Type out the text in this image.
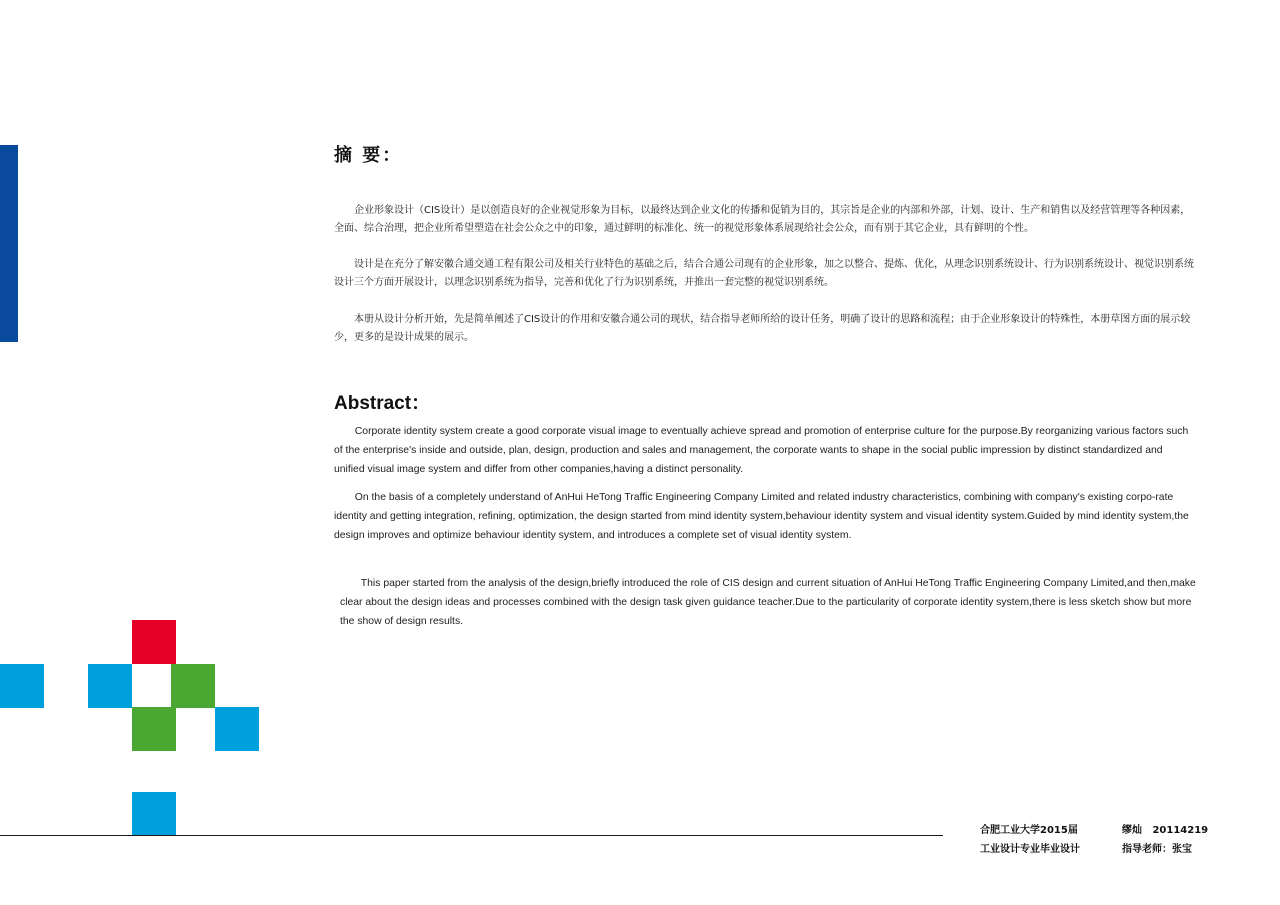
摘 要：

企业形象设计（CIS设计）是以创造良好的企业视觉形象为目标，以最终达到企业文化的传播和促销为目的，其宗旨是企业的内部和外部，计划、设计、生产和销售以及经营管理等各种因素，全面、综合治理，把企业所希望塑造在社会公众之中的印象，通过鲜明的标准化、统一的视觉形象体系展现给社会公众，而有别于其它企业，具有鲜明的个性。

设计是在充分了解安徽合通交通工程有限公司及相关行业特色的基础之后，结合合通公司现有的企业形象，加之以整合、提炼、优化，从理念识别系统设计、行为识别系统设计、视觉识别系统设计三个方面开展设计，以理念识别系统为指导，完善和优化了行为识别系统，并推出一套完整的视觉识别系统。

本册从设计分析开始，先是简单阐述了CIS设计的作用和安徽合通公司的现状，结合指导老师所给的设计任务，明确了设计的思路和流程；由于企业形象设计的特殊性，本册草图方面的展示较少，更多的是设计成果的展示。

Abstract：

Corporate identity system create a good corporate visual image to eventually achieve spread and promotion of enterprise culture for the purpose.By reorganizing various factors such of the enterprise's inside and outside, plan, design, production and sales and management, the corporate wants to shape in the social public impression by distinct standardized and unified visual image system and differ from other companies,having a distinct personality.

On the basis of a completely understand of AnHui HeTong Traffic Engineering Company Limited and related industry characteristics, combining with company's existing corpo-rate identity and getting integration, refining, optimization, the design started from mind identity system,behaviour identity system and visual identity system.Guided by mind identity system,the design improves and optimize behaviour identity system, and introduces a complete set of visual identity system.

This paper started from the analysis of the design,briefly introduced the role of CIS design and current situation of AnHui HeTong Traffic Engineering Company Limited,and then,make clear about the design ideas and processes combined with the design task given guidance teacher.Due to the particularity of corporate identity system,there is less sketch show but more the show of design results.

合肥工业大学2015届
工业设计专业毕业设计
缪灿   20114219
指导老师：张宝
